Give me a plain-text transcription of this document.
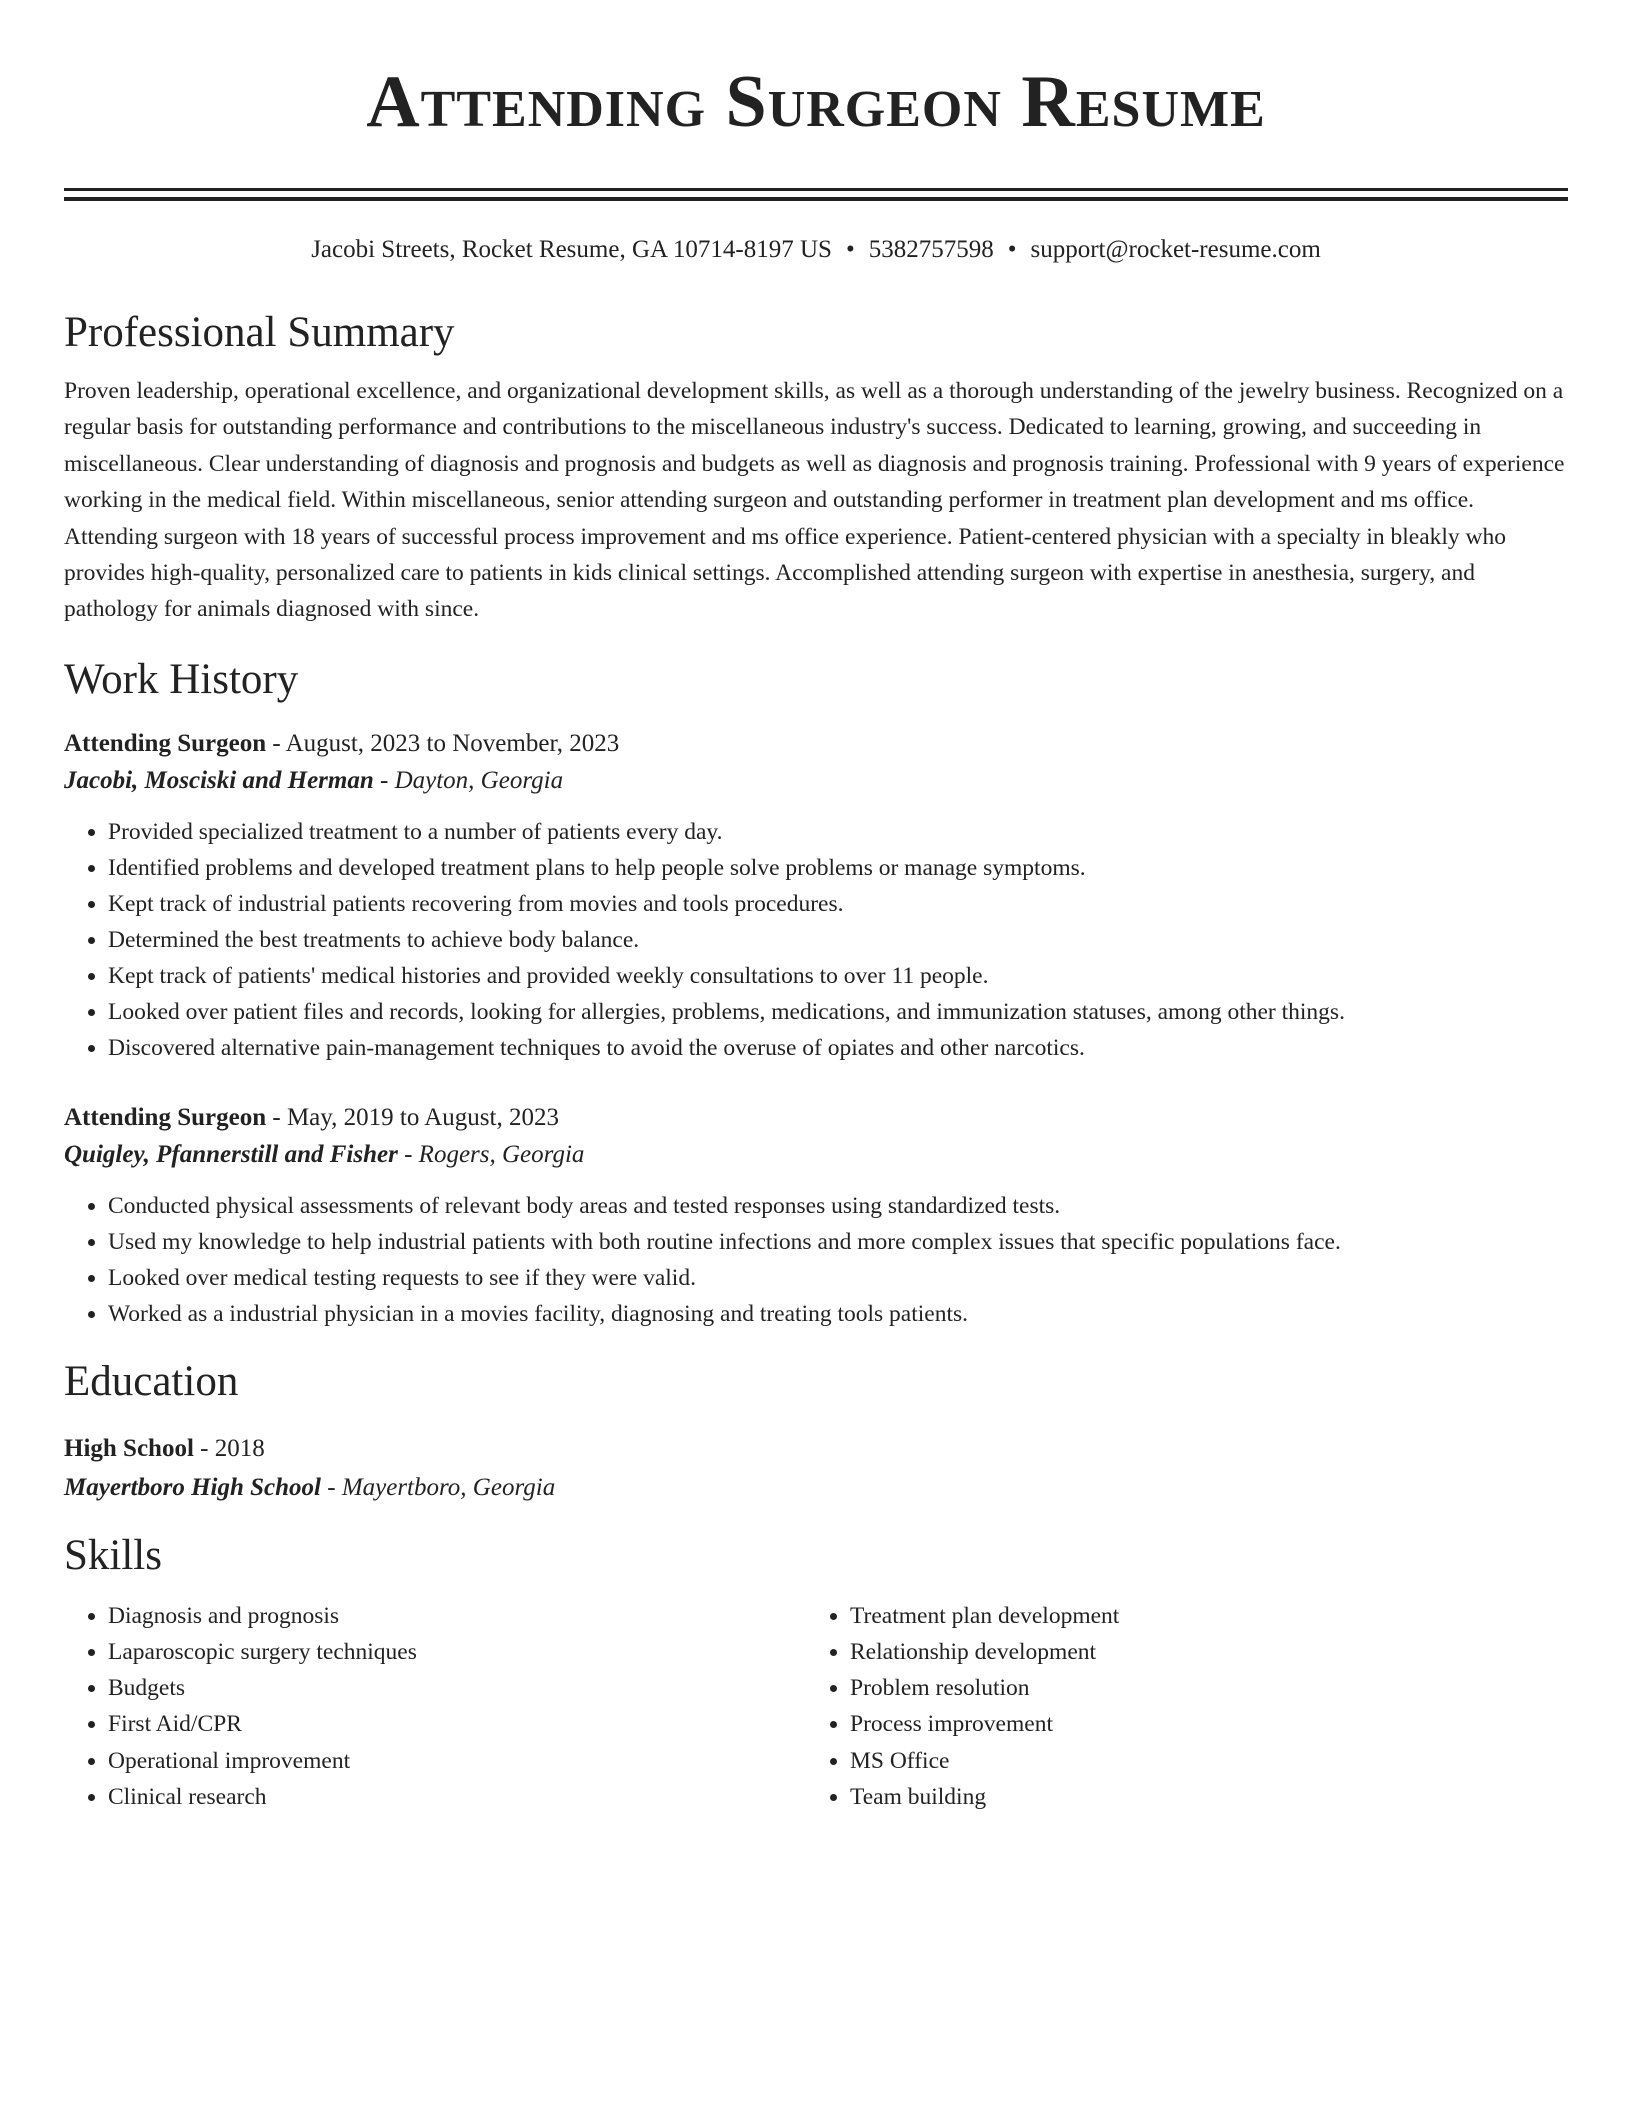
Attending Surgeon Resume
Jacobi Streets, Rocket Resume, GA 10714-8197 US • 5382757598 • support@rocket-resume.com
Professional Summary

Proven leadership, operational excellence, and organizational development skills, as well as a thorough understanding of the jewelry business. Recognized on a regular basis for outstanding performance and contributions to the miscellaneous industry's success. Dedicated to learning, growing, and succeeding in miscellaneous. Clear understanding of diagnosis and prognosis and budgets as well as diagnosis and prognosis training. Professional with 9 years of experience working in the medical field. Within miscellaneous, senior attending surgeon and outstanding performer in treatment plan development and ms office. Attending surgeon with 18 years of successful process improvement and ms office experience. Patient-centered physician with a specialty in bleakly who provides high-quality, personalized care to patients in kids clinical settings. Accomplished attending surgeon with expertise in anesthesia, surgery, and pathology for animals diagnosed with since.

Work History
Attending Surgeon - August, 2023 to November, 2023
Jacobi, Mosciski and Herman - Dayton, Georgia
• Provided specialized treatment to a number of patients every day.
• Identified problems and developed treatment plans to help people solve problems or manage symptoms.
• Kept track of industrial patients recovering from movies and tools procedures.
• Determined the best treatments to achieve body balance.
• Kept track of patients' medical histories and provided weekly consultations to over 11 people.
• Looked over patient files and records, looking for allergies, problems, medications, and immunization statuses, among other things.
• Discovered alternative pain-management techniques to avoid the overuse of opiates and other narcotics.
Attending Surgeon - May, 2019 to August, 2023
Quigley, Pfannerstill and Fisher - Rogers, Georgia
• Conducted physical assessments of relevant body areas and tested responses using standardized tests.
• Used my knowledge to help industrial patients with both routine infections and more complex issues that specific populations face.
• Looked over medical testing requests to see if they were valid.
• Worked as a industrial physician in a movies facility, diagnosing and treating tools patients.
Education
High School - 2018
Mayertboro High School - Mayertboro, Georgia
Skills
• Diagnosis and prognosis
• Laparoscopic surgery techniques
• Budgets
• First Aid/CPR
• Operational improvement
• Clinical research
• Treatment plan development
• Relationship development
• Problem resolution
• Process improvement
• MS Office
• Team building
